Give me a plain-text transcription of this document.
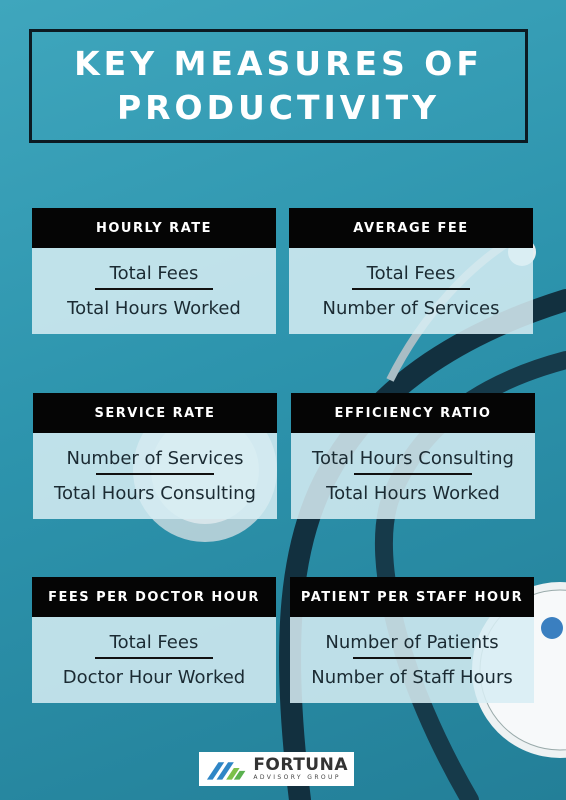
KEY MEASURES OF
PRODUCTIVITY
HOURLY RATE
Total Fees
Total Hours Worked
AVERAGE FEE
Total Fees
Number of Services
SERVICE RATE
Number of Services
Total Hours Consulting
EFFICIENCY RATIO
Total Hours Consulting
Total Hours Worked
FEES PER DOCTOR HOUR
Total Fees
Doctor Hour Worked
PATIENT PER STAFF HOUR
Number of Patients
Number of Staff Hours
FORTUNA
ADVISORY GROUP
